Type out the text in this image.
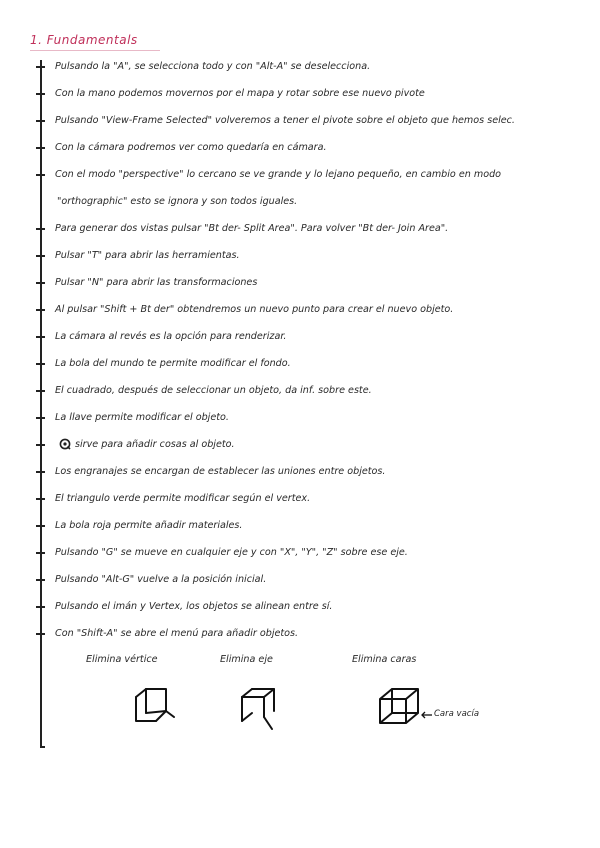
1. Fundamentals
Pulsando la "A", se selecciona todo y con "Alt-A" se deselecciona.
Con la mano podemos movernos por el mapa y rotar sobre ese nuevo pivote
Pulsando "View-Frame Selected" volveremos a tener el pivote sobre el objeto que hemos selec.
Con la cámara podremos ver como quedaría en cámara.
Con el modo "perspective" lo cercano se ve grande y lo lejano pequeño, en cambio en modo
"orthographic" esto se ignora y son todos iguales.
Para generar dos vistas pulsar "Bt der- Split Area". Para volver "Bt der- Join Area".
Pulsar "T" para abrir las herramientas.
Pulsar "N" para abrir las transformaciones
Al pulsar "Shift + Bt der" obtendremos un nuevo punto para crear el nuevo objeto.
La cámara al revés es la opción para renderizar.
La bola del mundo te permite modificar el fondo.
El cuadrado, después de seleccionar un objeto, da inf. sobre este.
La llave permite modificar el objeto.
sirve para añadir cosas al objeto.
Los engranajes se encargan de establecer las uniones entre objetos.
El triangulo verde permite modificar según el vertex.
La bola roja permite añadir materiales.
Pulsando "G" se mueve en cualquier eje y con "X", "Y", "Z" sobre ese eje.
Pulsando "Alt-G" vuelve a la posición inicial.
Pulsando el imán y Vertex, los objetos se alinean entre sí.
Con "Shift-A" se abre el menú para añadir objetos.
Elimina vértice	Elimina eje	Elimina caras
Cara vacía
